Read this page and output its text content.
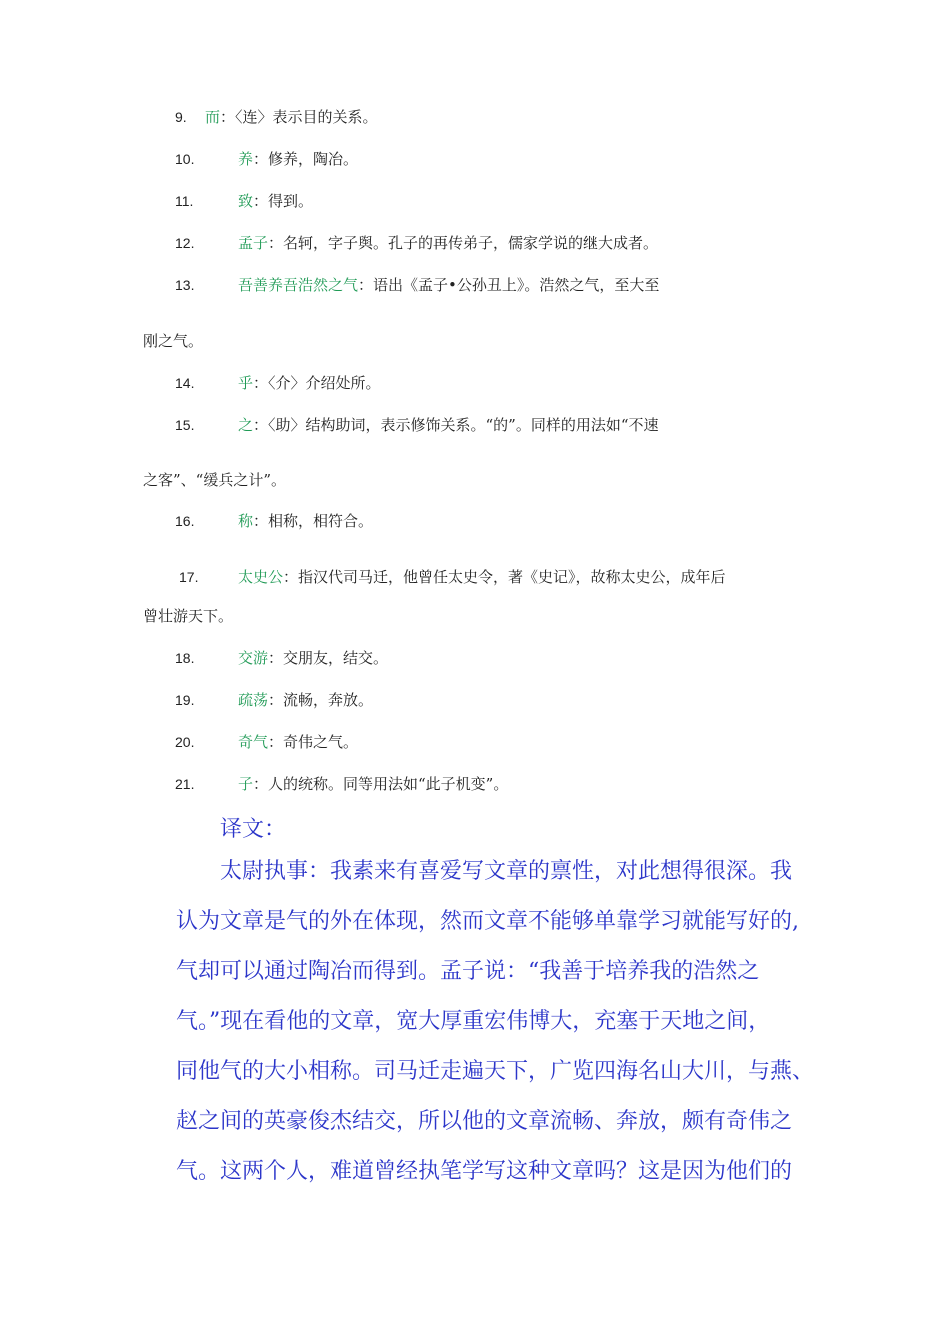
9. 而：〈连〉表示目的关系。
10.	养：修养，陶冶。
11.	致：得到。
12.	孟子：名轲，字子舆。孔子的再传弟子，儒家学说的继大成者。
13.	吾善养吾浩然之气：语出《孟子•公孙丑上》。浩然之气，至大至
刚之气。
14.	乎：〈介〉介绍处所。
15.	之：〈助〉结构助词，表示修饰关系。“的”。同样的用法如“不速
之客”、“缓兵之计”。
16.	称：相称，相符合。
17.	太史公：指汉代司马迁，他曾任太史令，著《史记》，故称太史公，成年后
曾壮游天下。
18.	交游：交朋友，结交。
19.	疏荡：流畅，奔放。
20.	奇气：奇伟之气。
21.	子：人的统称。同等用法如“此子机变”。
译文：
太尉执事：我素来有喜爱写文章的禀性，对此想得很深。我
认为文章是气的外在体现，然而文章不能够单靠学习就能写好的,
气却可以通过陶冶而得到。孟子说：“我善于培养我的浩然之
气。”现在看他的文章，宽大厚重宏伟博大，充塞于天地之间，
同他气的大小相称。司马迁走遍天下，广览四海名山大川，与燕、
赵之间的英豪俊杰结交，所以他的文章流畅、奔放，颇有奇伟之
气。这两个人，难道曾经执笔学写这种文章吗？这是因为他们的
